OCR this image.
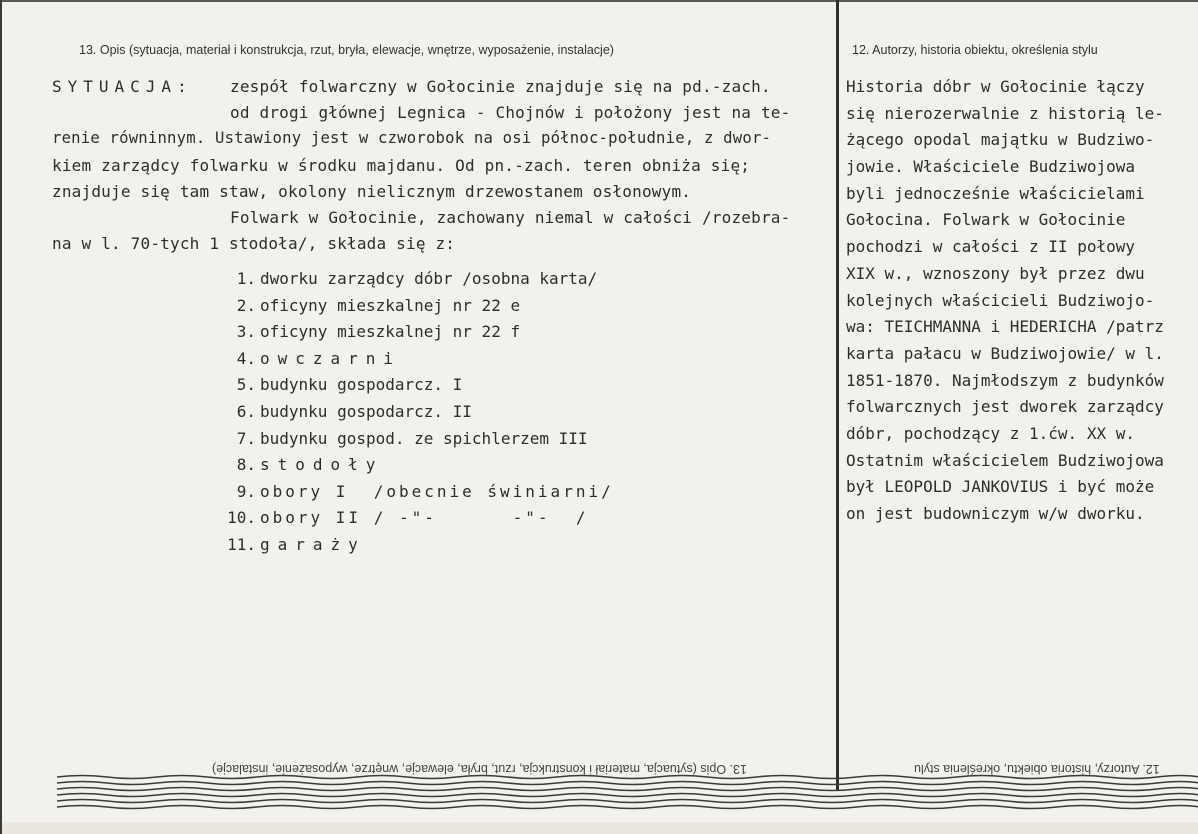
13. Opis (sytuacja, materiał i konstrukcja, rzut, bryła, elewacje, wnętrze, wyposażenie, instalacje)	12. Autorzy, historia obiektu, określenia stylu
SYTUACJA: zespół folwarczny w Gołocinie znajduje się na pd.-zach.
od drogi głównej Legnica - Chojnów i położony jest na te-
renie równinnym. Ustawiony jest w czworobok na osi północ-południe, z dwor-
kiem zarządcy folwarku w środku majdanu. Od pn.-zach. teren obniża się;
znajduje się tam staw, okolony nielicznym drzewostanem osłonowym.
Folwark w Gołocinie, zachowany niemal w całości /rozebra-
na w l. 70-tych 1 stodoła/, składa się z:
1. dworku zarządcy dóbr /osobna karta/
2. oficyny mieszkalnej nr 22 e
3. oficyny mieszkalnej nr 22 f
4. owczarni
5. budynku gospodarcz. I
6. budynku gospodarcz. II
7. budynku gospod. ze spichlerzem III
8. stodoły
9. obory I  /obecnie świniarni/
10. obory II / -"-      -"-  /
11. garaży
Historia dóbr w Gołocinie łączy
się nierozerwalnie z historią le-
żącego opodal majątku w Budziwo-
jowie. Właściciele Budziwojowa
byli jednocześnie właścicielami
Gołocina. Folwark w Gołocinie
pochodzi w całości z II połowy
XIX w., wznoszony był przez dwu
kolejnych właścicieli Budziwojo-
wa: TEICHMANNA i HEDERICHA /patrz
karta pałacu w Budziwojowie/ w l.
1851-1870. Najmłodszym z budynków
folwarcznych jest dworek zarządcy
dóbr, pochodzący z 1.ćw. XX w.
Ostatnim właścicielem Budziwojowa
był LEOPOLD JANKOVIUS i być może
on jest budowniczym w/w dworku.
13. Opis (sytuacja, materiał i konstrukcja, rzut, bryła, elewacje, wnętrze, wyposażenie, instalacje)	12. Autorzy, historia obiektu, określenia stylu
